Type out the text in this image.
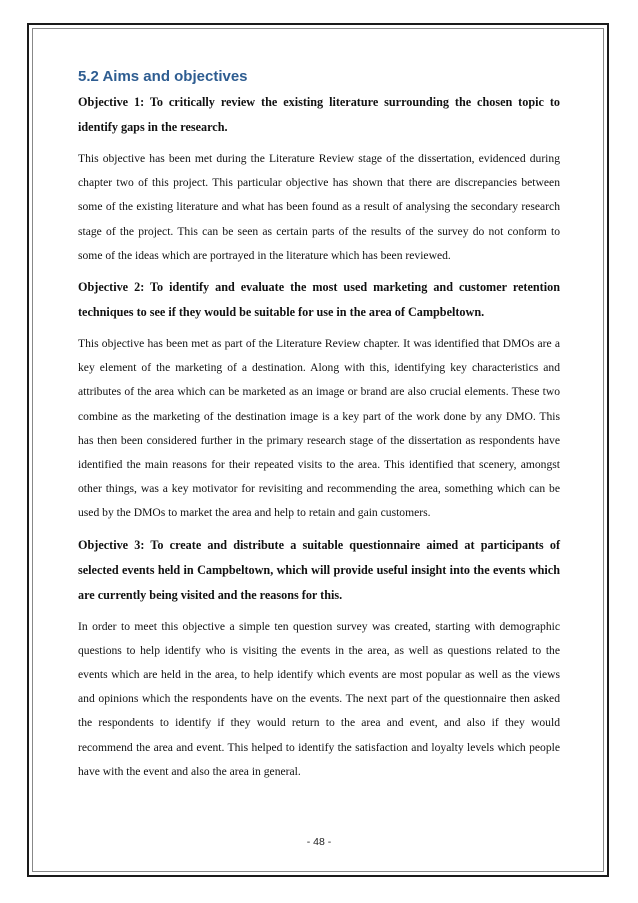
5.2 Aims and objectives

Objective 1: To critically review the existing literature surrounding the chosen topic to identify gaps in the research.

This objective has been met during the Literature Review stage of the dissertation, evidenced during chapter two of this project. This particular objective has shown that there are discrepancies between some of the existing literature and what has been found as a result of analysing the secondary research stage of the project. This can be seen as certain parts of the results of the survey do not conform to some of the ideas which are portrayed in the literature which has been reviewed.

Objective 2: To identify and evaluate the most used marketing and customer retention techniques to see if they would be suitable for use in the area of Campbeltown.

This objective has been met as part of the Literature Review chapter. It was identified that DMOs are a key element of the marketing of a destination. Along with this, identifying key characteristics and attributes of the area which can be marketed as an image or brand are also crucial elements. These two combine as the marketing of the destination image is a key part of the work done by any DMO. This has then been considered further in the primary research stage of the dissertation as respondents have identified the main reasons for their repeated visits to the area. This identified that scenery, amongst other things, was a key motivator for revisiting and recommending the area, something which can be used by the DMOs to market the area and help to retain and gain customers.

Objective 3: To create and distribute a suitable questionnaire aimed at participants of selected events held in Campbeltown, which will provide useful insight into the events which are currently being visited and the reasons for this.

In order to meet this objective a simple ten question survey was created, starting with demographic questions to help identify who is visiting the events in the area, as well as questions related to the events which are held in the area, to help identify which events are most popular as well as the views and opinions which the respondents have on the events. The next part of the questionnaire then asked the respondents to identify if they would return to the area and event, and also if they would recommend the area and event. This helped to identify the satisfaction and loyalty levels which people have with the event and also the area in general.

- 48 -
